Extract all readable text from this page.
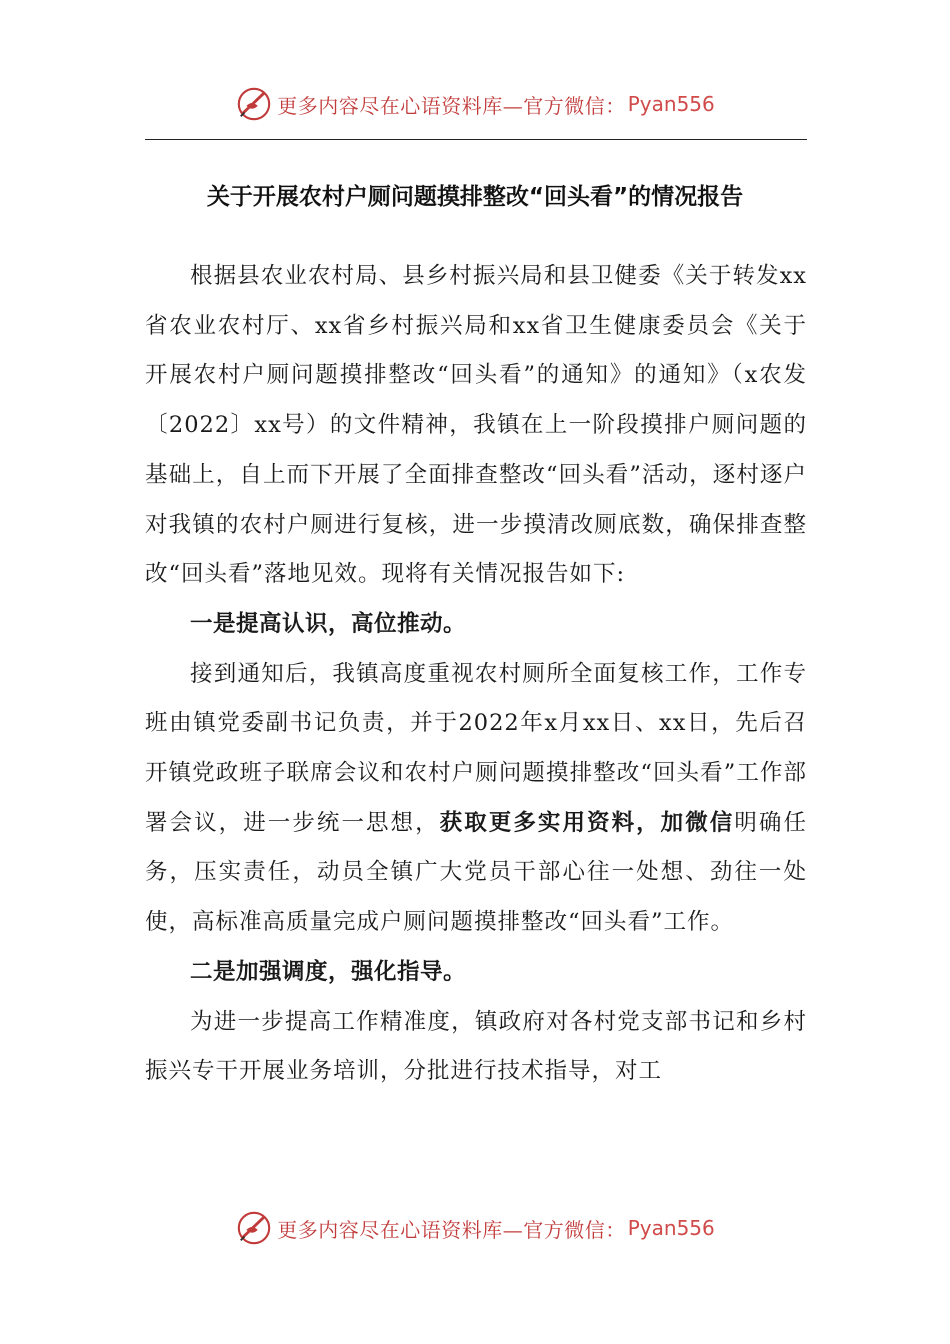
更多内容尽在心语资料库—官方微信： Pyan556
关于开展农村户厕问题摸排整改“回头看”的情况报告

根据县农业农村局、县乡村振兴局和县卫健委《关于转发xx省农业农村厅、xx省乡村振兴局和xx省卫生健康委员会《关于开展农村户厕问题摸排整改“回头看”的通知》的通知》（x农发〔2022〕xx号）的文件精神，我镇在上一阶段摸排户厕问题的基础上，自上而下开展了全面排查整改“回头看”活动，逐村逐户对我镇的农村户厕进行复核，进一步摸清改厕底数，确保排查整改“回头看”落地见效。现将有关情况报告如下:

一是提高认识，高位推动。

接到通知后，我镇高度重视农村厕所全面复核工作，工作专班由镇党委副书记负责，并于2022年x月xx日、xx日，先后召开镇党政班子联席会议和农村户厕问题摸排整改“回头看”工作部署会议，进一步统一思想，获取更多实用资料，加微信明确任务，压实责任，动员全镇广大党员干部心往一处想、劲往一处使，高标准高质量完成户厕问题摸排整改“回头看”工作。

二是加强调度，强化指导。

为进一步提高工作精准度，镇政府对各村党支部书记和乡村振兴专干开展业务培训，分批进行技术指导，对工

更多内容尽在心语资料库—官方微信： Pyan556
